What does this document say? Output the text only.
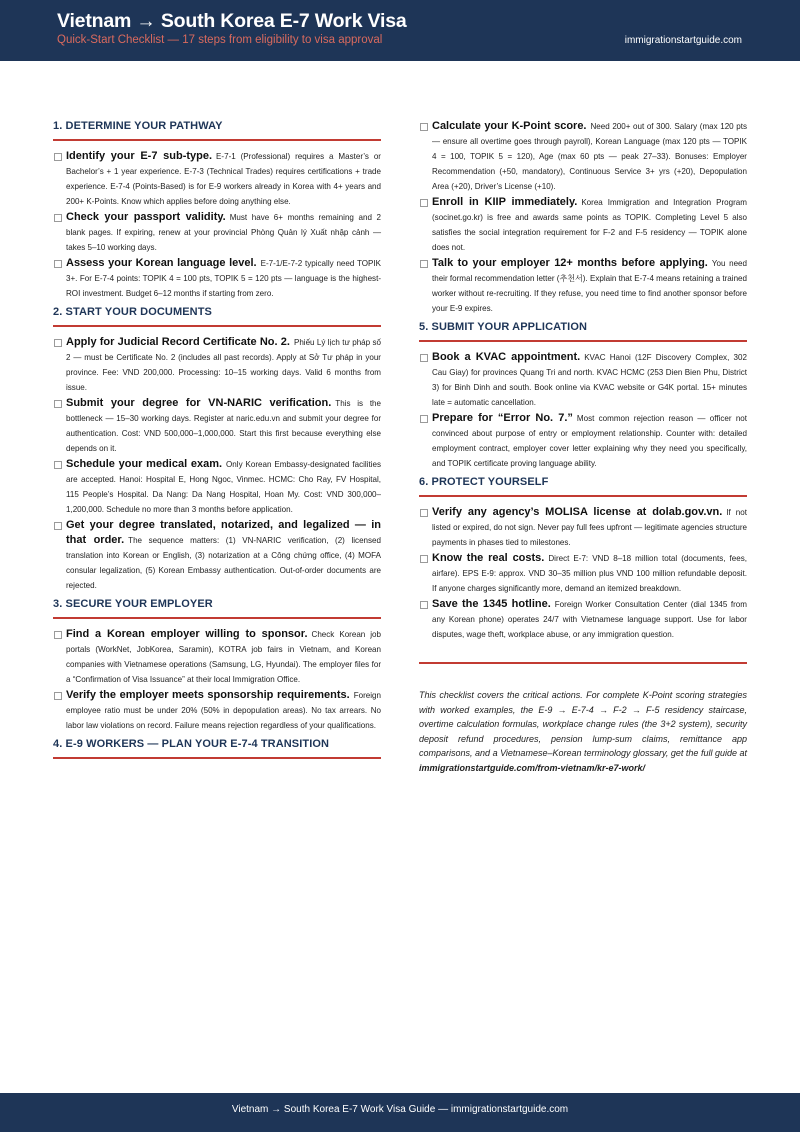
Vietnam → South Korea E-7 Work Visa
Quick-Start Checklist — 17 steps from eligibility to visa approval	immigrationstartguide.com
1. DETERMINE YOUR PATHWAY
Identify your E-7 sub-type. E-7-1 (Professional) requires a Master’s or Bachelor’s + 1 year experience. E-7-3 (Technical Trades) requires certifications + trade experience. E-7-4 (Points-Based) is for E-9 workers already in Korea with 4+ years and 200+ K-Points. Know which applies before doing anything else.
Check your passport validity. Must have 6+ months remaining and 2 blank pages. If expiring, renew at your provincial Phòng Quản lý Xuất nhập cảnh — takes 5–10 working days.
Assess your Korean language level. E-7-1/E-7-2 typically need TOPIK 3+. For E-7-4 points: TOPIK 4 = 100 pts, TOPIK 5 = 120 pts — language is the highest-ROI investment. Budget 6–12 months if starting from zero.
2. START YOUR DOCUMENTS
Apply for Judicial Record Certificate No. 2. Phiếu Lý lịch tư pháp số 2 — must be Certificate No. 2 (includes all past records). Apply at Sở Tư pháp in your province. Fee: VND 200,000. Processing: 10–15 working days. Valid 6 months from issue.
Submit your degree for VN-NARIC verification. This is the bottleneck — 15–30 working days. Register at naric.edu.vn and submit your degree for authentication. Cost: VND 500,000–1,000,000. Start this first because everything else depends on it.
Schedule your medical exam. Only Korean Embassy-designated facilities are accepted. Hanoi: Hospital E, Hong Ngoc, Vinmec. HCMC: Cho Ray, FV Hospital, 115 People’s Hospital. Da Nang: Da Nang Hospital, Hoan My. Cost: VND 300,000–1,200,000. Schedule no more than 3 months before application.
Get your degree translated, notarized, and legalized — in that order. The sequence matters: (1) VN-NARIC verification, (2) licensed translation into Korean or English, (3) notarization at a Công chứng office, (4) MOFA consular legalization, (5) Korean Embassy authentication. Out-of-order documents are rejected.
3. SECURE YOUR EMPLOYER
Find a Korean employer willing to sponsor. Check Korean job portals (WorkNet, JobKorea, Saramin), KOTRA job fairs in Vietnam, and Korean companies with Vietnamese operations (Samsung, LG, Hyundai). The employer files for a “Confirmation of Visa Issuance” at their local Immigration Office.
Verify the employer meets sponsorship requirements. Foreign employee ratio must be under 20% (50% in depopulation areas). No tax arrears. No labor law violations on record. Failure means rejection regardless of your qualifications.
4. E-9 WORKERS — PLAN YOUR E-7-4 TRANSITION
Calculate your K-Point score. Need 200+ out of 300. Salary (max 120 pts — ensure all overtime goes through payroll), Korean Language (max 120 pts — TOPIK 4 = 100, TOPIK 5 = 120), Age (max 60 pts — peak 27–33). Bonuses: Employer Recommendation (+50, mandatory), Continuous Service 3+ yrs (+20), Depopulation Area (+20), Driver’s License (+10).
Enroll in KIIP immediately. Korea Immigration and Integration Program (socinet.go.kr) is free and awards same points as TOPIK. Completing Level 5 also satisfies the social integration requirement for F-2 and F-5 residency — TOPIK alone does not.
Talk to your employer 12+ months before applying. You need their formal recommendation letter (추천서). Explain that E-7-4 means retaining a trained worker without re-recruiting. If they refuse, you need time to find another sponsor before your E-9 expires.
5. SUBMIT YOUR APPLICATION
Book a KVAC appointment. KVAC Hanoi (12F Discovery Complex, 302 Cau Giay) for provinces Quang Tri and north. KVAC HCMC (253 Dien Bien Phu, District 3) for Binh Dinh and south. Book online via KVAC website or G4K portal. 15+ minutes late = automatic cancellation.
Prepare for “Error No. 7.” Most common rejection reason — officer not convinced about purpose of entry or employment relationship. Counter with: detailed employment contract, employer cover letter explaining why they need you specifically, and TOPIK certificate proving language ability.
6. PROTECT YOURSELF
Verify any agency’s MOLISA license at dolab.gov.vn. If not listed or expired, do not sign. Never pay full fees upfront — legitimate agencies structure payments in phases tied to milestones.
Know the real costs. Direct E-7: VND 8–18 million total (documents, fees, airfare). EPS E-9: approx. VND 30–35 million plus VND 100 million refundable deposit. If anyone charges significantly more, demand an itemized breakdown.
Save the 1345 hotline. Foreign Worker Consultation Center (dial 1345 from any Korean phone) operates 24/7 with Vietnamese language support. Use for labor disputes, wage theft, workplace abuse, or any immigration question.
This checklist covers the critical actions. For complete K-Point scoring strategies with worked examples, the E-9 → E-7-4 → F-2 → F-5 residency staircase, overtime calculation formulas, workplace change rules (the 3+2 system), security deposit refund procedures, pension lump-sum claims, remittance app comparisons, and a Vietnamese–Korean terminology glossary, get the full guide at immigrationstartguide.com/from-vietnam/kr-e7-work/
Vietnam → South Korea E-7 Work Visa Guide — immigrationstartguide.com
